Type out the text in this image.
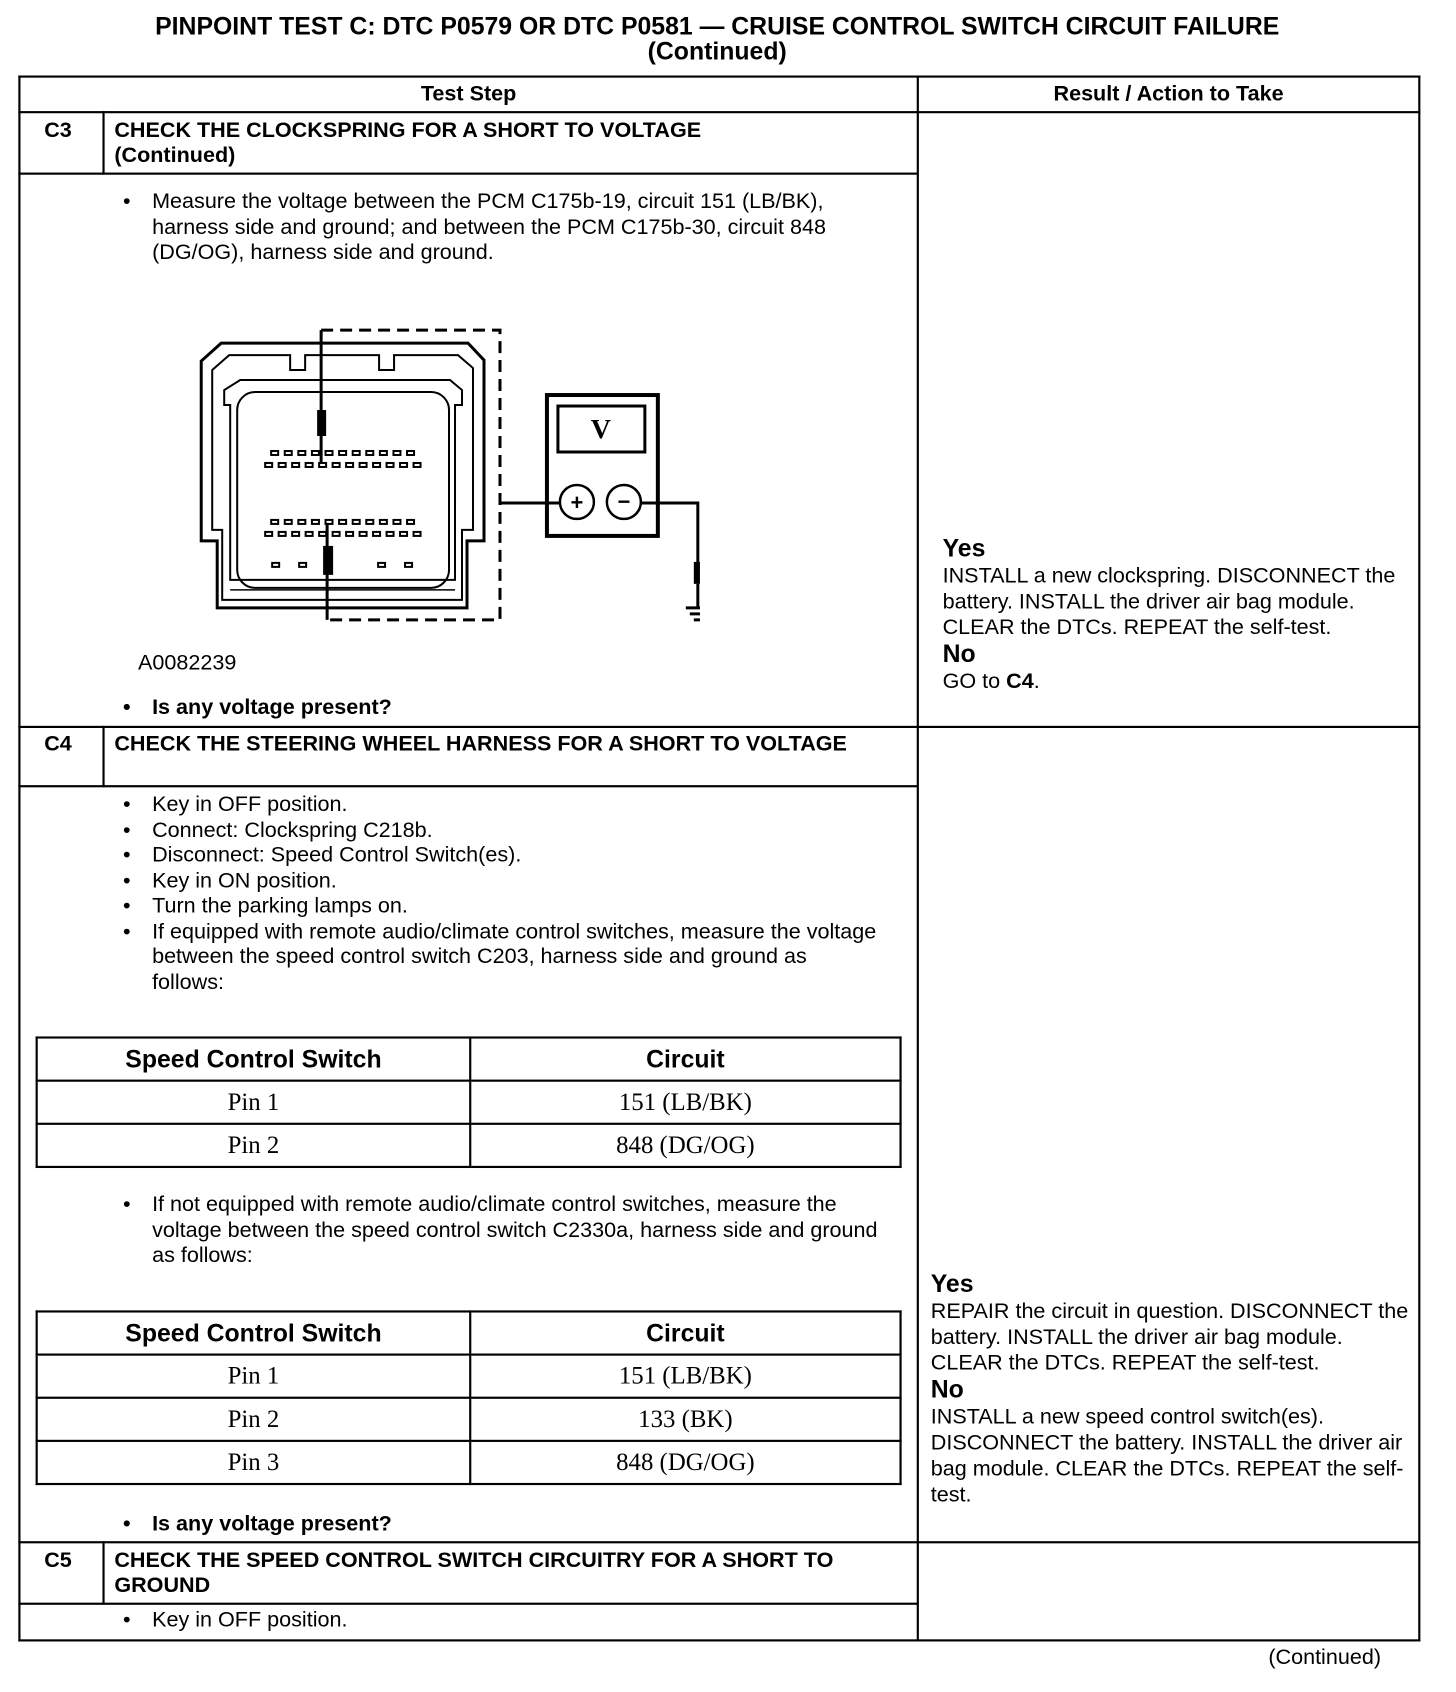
PINPOINT TEST C: DTC P0579 OR DTC P0581 — CRUISE CONTROL SWITCH CIRCUIT FAILURE
(Continued)
Test Step	Result / Action to Take
C3 CHECK THE CLOCKSPRING FOR A SHORT TO VOLTAGE
(Continued)
• Measure the voltage between the PCM C175b-19, circuit 151 (LB/BK), harness side and ground; and between the PCM C175b-30, circuit 848 (DG/OG), harness side and ground.
V
+ −
A0082239
• Is any voltage present?
Yes
INSTALL a new clockspring. DISCONNECT the battery. INSTALL the driver air bag module. CLEAR the DTCs. REPEAT the self-test.
No
GO to C4.
C4 CHECK THE STEERING WHEEL HARNESS FOR A SHORT TO VOLTAGE
• Key in OFF position.
• Connect: Clockspring C218b.
• Disconnect: Speed Control Switch(es).
• Key in ON position.
• Turn the parking lamps on.
• If equipped with remote audio/climate control switches, measure the voltage between the speed control switch C203, harness side and ground as follows:
Speed Control Switch	Circuit
Pin 1	151 (LB/BK)
Pin 2	848 (DG/OG)
• If not equipped with remote audio/climate control switches, measure the voltage between the speed control switch C2330a, harness side and ground as follows:
Speed Control Switch	Circuit
Pin 1	151 (LB/BK)
Pin 2	133 (BK)
Pin 3	848 (DG/OG)
• Is any voltage present?
Yes
REPAIR the circuit in question. DISCONNECT the battery. INSTALL the driver air bag module. CLEAR the DTCs. REPEAT the self-test.
No
INSTALL a new speed control switch(es). DISCONNECT the battery. INSTALL the driver air bag module. CLEAR the DTCs. REPEAT the self-test.
C5 CHECK THE SPEED CONTROL SWITCH CIRCUITRY FOR A SHORT TO GROUND
• Key in OFF position.
(Continued)
